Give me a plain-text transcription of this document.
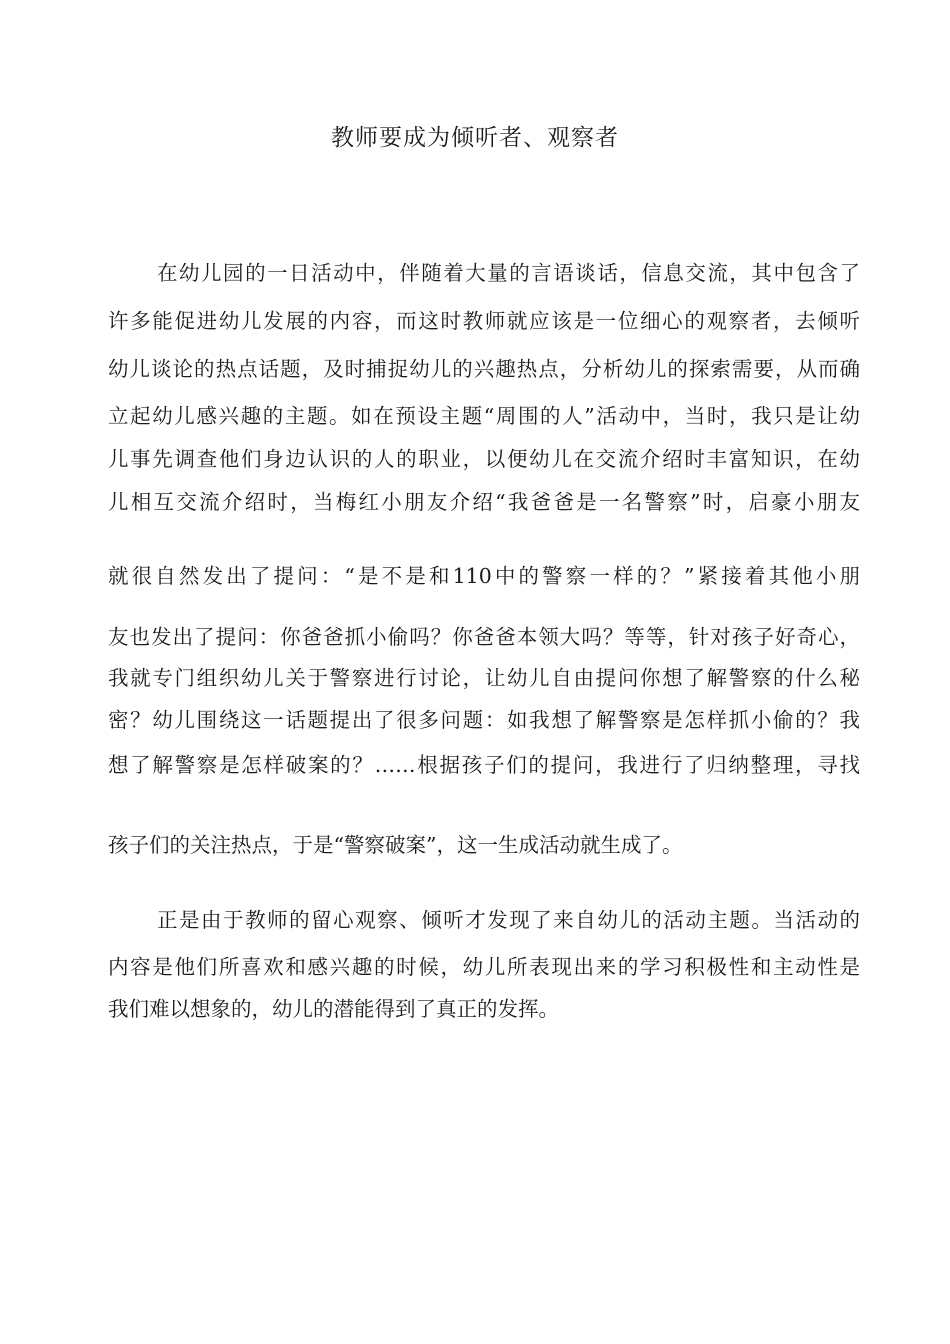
教师要成为倾听者、观察者
在幼儿园的一日活动中，伴随着大量的言语谈话，信息交流，其中包含了
许多能促进幼儿发展的内容，而这时教师就应该是一位细心的观察者，去倾听
幼儿谈论的热点话题，及时捕捉幼儿的兴趣热点，分析幼儿的探索需要，从而确
立起幼儿感兴趣的主题。如在预设主题“周围的人”活动中，当时，我只是让幼
儿事先调查他们身边认识的人的职业，以便幼儿在交流介绍时丰富知识，在幼
儿相互交流介绍时，当梅红小朋友介绍“我爸爸是一名警察”时，启豪小朋友
就很自然发出了提问：“是不是和110中的警察一样的？”紧接着其他小朋
友也发出了提问：你爸爸抓小偷吗？你爸爸本领大吗？等等，针对孩子好奇心，
我就专门组织幼儿关于警察进行讨论，让幼儿自由提问你想了解警察的什么秘
密？幼儿围绕这一话题提出了很多问题：如我想了解警察是怎样抓小偷的？我
想了解警察是怎样破案的？……根据孩子们的提问，我进行了归纳整理，寻找
孩子们的关注热点，于是“警察破案”，这一生成活动就生成了。
正是由于教师的留心观察、倾听才发现了来自幼儿的活动主题。当活动的
内容是他们所喜欢和感兴趣的时候，幼儿所表现出来的学习积极性和主动性是
我们难以想象的，幼儿的潜能得到了真正的发挥。
